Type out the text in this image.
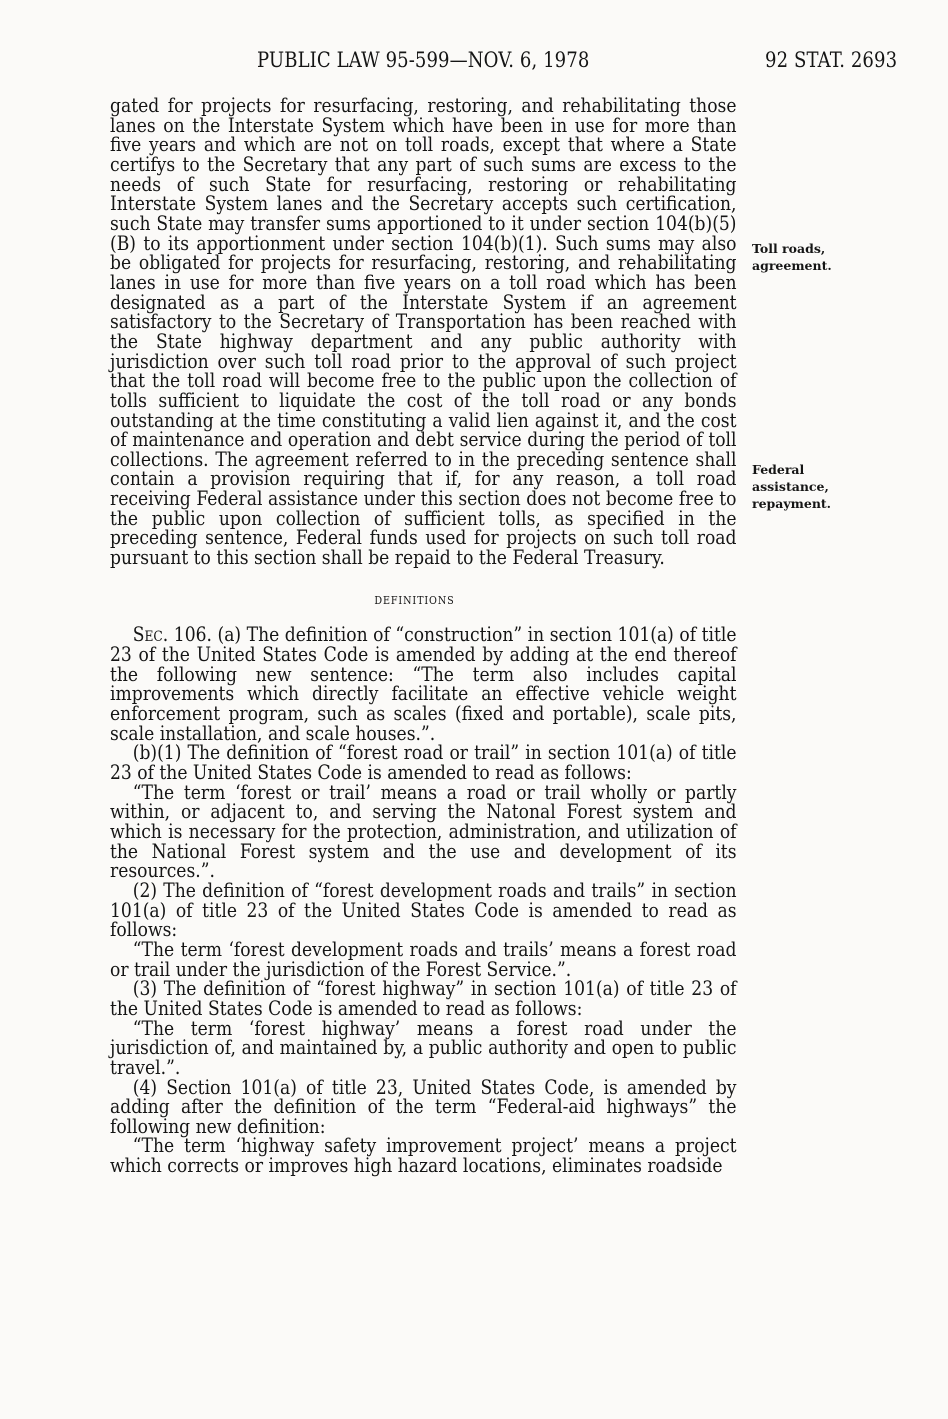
PUBLIC LAW 95-599—NOV. 6, 1978	92 STAT. 2693
Toll roads,
agreement.
Federal
assistance,
repayment.

gated for projects for resurfacing, restoring, and rehabilitating those lanes on the Interstate System which have been in use for more than five years and which are not on toll roads, except that where a State certifys to the Secretary that any part of such sums are excess to the needs of such State for resurfacing, restoring or rehabilitating Interstate System lanes and the Secretary accepts such certification, such State may transfer sums apportioned to it under section 104(b)(5)(B) to its apportionment under section 104(b)(1). Such sums may also be obligated for projects for resurfacing, restoring, and rehabilitating lanes in use for more than five years on a toll road which has been designated as a part of the Interstate System if an agreement satisfactory to the Secretary of Transportation has been reached with the State highway department and any public authority with jurisdiction over such toll road prior to the approval of such project that the toll road will become free to the public upon the collection of tolls sufficient to liquidate the cost of the toll road or any bonds outstanding at the time constituting a valid lien against it, and the cost of maintenance and operation and debt service during the period of toll collections. The agreement referred to in the preceding sentence shall contain a provision requiring that if, for any reason, a toll road receiving Federal assistance under this section does not become free to the public upon collection of sufficient tolls, as specified in the preceding sentence, Federal funds used for projects on such toll road pursuant to this section shall be repaid to the Federal Treasury.

DEFINITIONS

Sec. 106. (a) The definition of “construction” in section 101(a) of title 23 of the United States Code is amended by adding at the end thereof the following new sentence: “The term also includes capital improvements which directly facilitate an effective vehicle weight enforcement program, such as scales (fixed and portable), scale pits, scale installation, and scale houses.”.

(b)(1) The definition of “forest road or trail” in section 101(a) of title 23 of the United States Code is amended to read as follows:

“The term ‘forest or trail’ means a road or trail wholly or partly within, or adjacent to, and serving the Natonal Forest system and which is necessary for the protection, administration, and utilization of the National Forest system and the use and development of its resources.”.

(2) The definition of “forest development roads and trails” in section 101(a) of title 23 of the United States Code is amended to read as follows:

“The term ‘forest development roads and trails’ means a forest road or trail under the jurisdiction of the Forest Service.”.

(3) The definition of “forest highway” in section 101(a) of title 23 of the United States Code is amended to read as follows:

“The term ‘forest highway’ means a forest road under the jurisdiction of, and maintained by, a public authority and open to public travel.”.

(4) Section 101(a) of title 23, United States Code, is amended by adding after the definition of the term “Federal-aid highways” the following new definition:

“The term ‘highway safety improvement project’ means a project which corrects or improves high hazard locations, eliminates roadside
